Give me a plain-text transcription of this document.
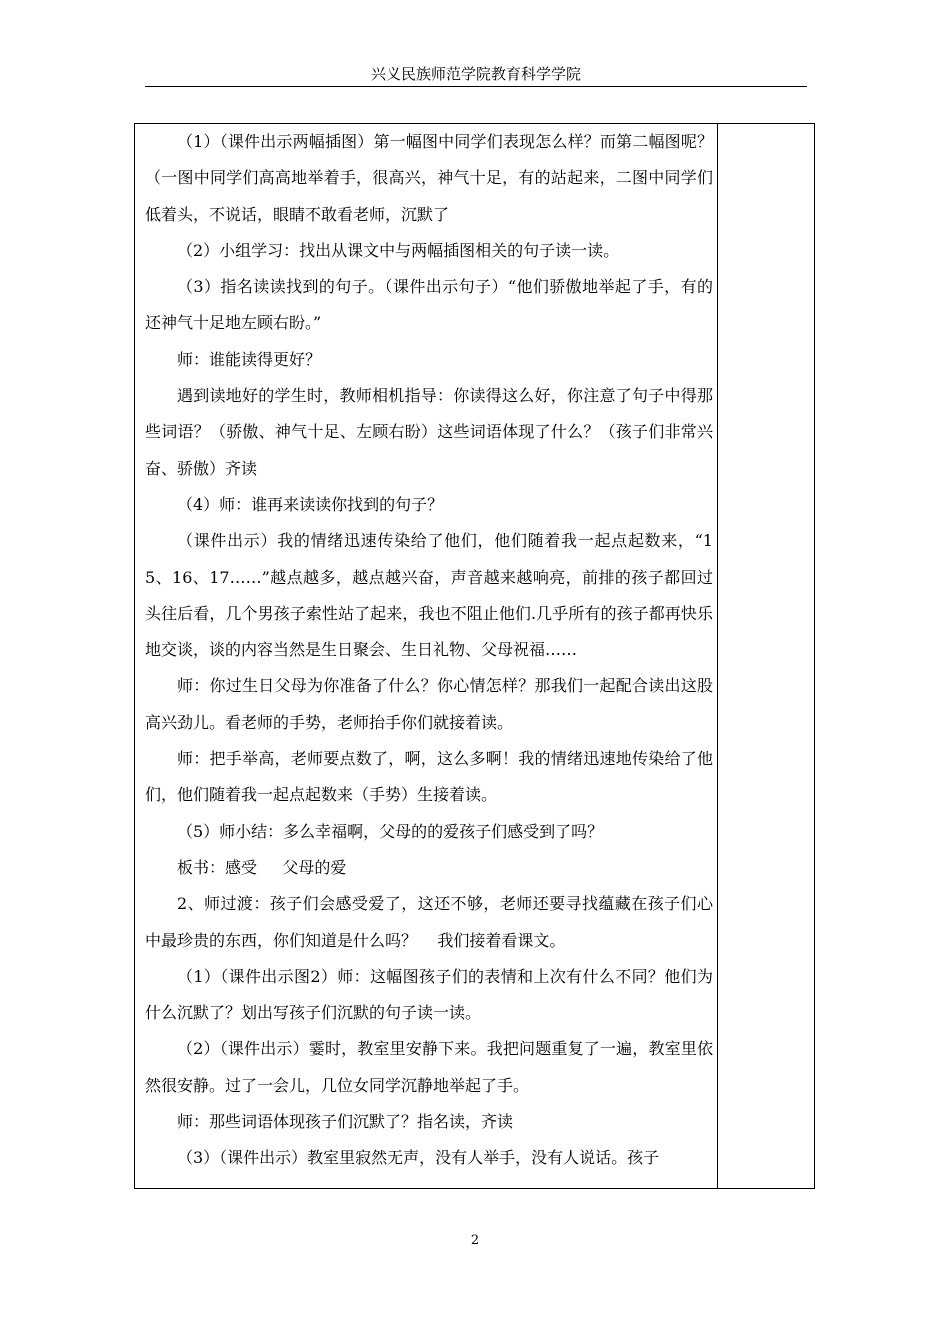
兴义民族师范学院教育科学学院

（1）（课件出示两幅插图）第一幅图中同学们表现怎么样？而第二幅图呢？（一图中同学们高高地举着手，很高兴，神气十足，有的站起来，二图中同学们低着头，不说话，眼睛不敢看老师，沉默了

（2）小组学习：找出从课文中与两幅插图相关的句子读一读。

（3）指名读读找到的句子。（课件出示句子）“他们骄傲地举起了手，有的还神气十足地左顾右盼。”

师：谁能读得更好？

遇到读地好的学生时，教师相机指导：你读得这么好，你注意了句子中得那些词语？（骄傲、神气十足、左顾右盼）这些词语体现了什么？（孩子们非常兴奋、骄傲）齐读

（4）师：谁再来读读你找到的句子？

（课件出示）我的情绪迅速传染给了他们，他们随着我一起点起数来，“15、16、17……”越点越多，越点越兴奋，声音越来越响亮，前排的孩子都回过头往后看，几个男孩子索性站了起来，我也不阻止他们.几乎所有的孩子都再快乐地交谈，谈的内容当然是生日聚会、生日礼物、父母祝福……

师：你过生日父母为你准备了什么？你心情怎样？那我们一起配合读出这股高兴劲儿。看老师的手势，老师抬手你们就接着读。

师：把手举高，老师要点数了，啊，这么多啊！我的情绪迅速地传染给了他们，他们随着我一起点起数来（手势）生接着读。

（5）师小结：多么幸福啊，父母的的爱孩子们感受到了吗？

板书：感受     父母的爱

2、师过渡：孩子们会感受爱了，这还不够，老师还要寻找蕴藏在孩子们心中最珍贵的东西，你们知道是什么吗？    我们接着看课文。

（1）（课件出示图2）师：这幅图孩子们的表情和上次有什么不同？他们为什么沉默了？划出写孩子们沉默的句子读一读。

（2）（课件出示）霎时，教室里安静下来。我把问题重复了一遍，教室里依然很安静。过了一会儿，几位女同学沉静地举起了手。

师：那些词语体现孩子们沉默了？指名读，齐读

（3）（课件出示）教室里寂然无声，没有人举手，没有人说话。孩子

2
